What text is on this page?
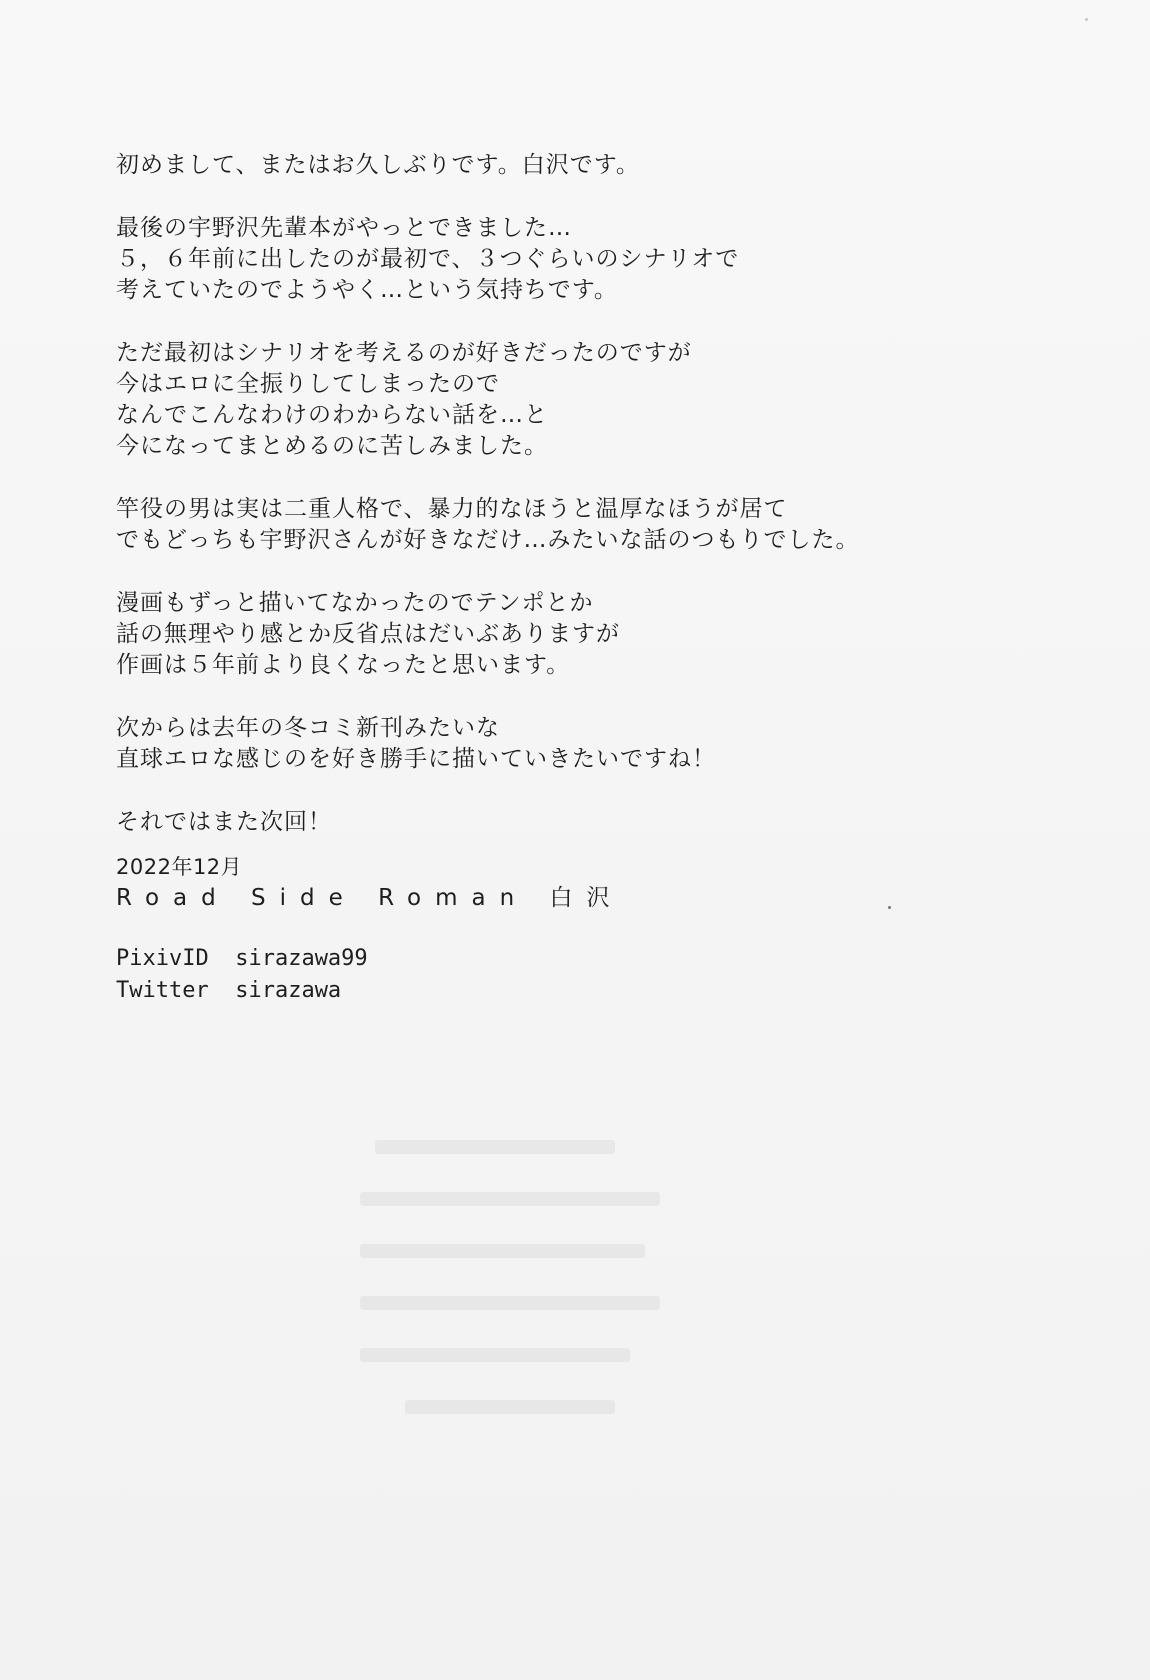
初めまして、またはお久しぶりです。白沢です。
最後の宇野沢先輩本がやっとできました…
５，６年前に出したのが最初で、３つぐらいのシナリオで
考えていたのでようやく…という気持ちです。
ただ最初はシナリオを考えるのが好きだったのですが
今はエロに全振りしてしまったので
なんでこんなわけのわからない話を…と
今になってまとめるのに苦しみました。
竿役の男は実は二重人格で、暴力的なほうと温厚なほうが居て
でもどっちも宇野沢さんが好きなだけ…みたいな話のつもりでした。
漫画もずっと描いてなかったのでテンポとか
話の無理やり感とか反省点はだいぶありますが
作画は５年前より良くなったと思います。
次からは去年の冬コミ新刊みたいな
直球エロな感じのを好き勝手に描いていきたいですね！
それではまた次回！
2022年12月
Road Side Roman 白沢
PixivID sirazawa99
Twitter sirazawa
